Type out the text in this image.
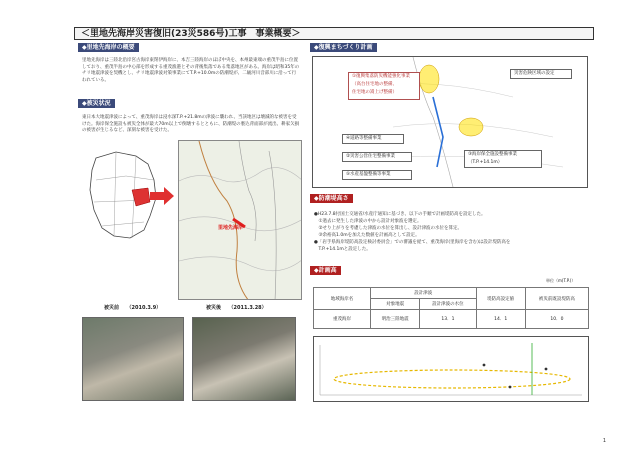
＜里地先海岸災害復旧(23災586号)工事　事業概要＞
◆里地先海岸の概要
里地先海岸は三陸北沿岸宮古海岸東閉伊海岸に、本吉三陸海岸のほぼ中央を、本州最東端の重茂半島に位置しており、重茂半島の中心部を形成する重茂漁港とその背後集落である集落地区がある。海岸は昭和35年のチリ地震津波を契機とし、チリ地震津波対策事業にてT.P.+10.0mの防潮堤が、二級河川音部川に沿って行われている。
◆被災状況
東日本大地震津波によって、重茂海岸は浸水深T.P.+21.8mの津波に襲われ、当該地区は壊滅的な被害を受けた。海岸保全施設も被災全体が最大70m以上で倒壊するとともに、防潮堤の裏込背面部が流出、耕家欠損の被害が生じるなど、深刻な被害を受けた。
里地先海岸
被災前　　（2010.3.9）	被災後　　（2011.3.28）
◆復興まちづくり計画
①復興集落防災機能強化事業
（高台住宅地の整備、
住宅地の嵩上げ整備）
災害危険区域の設定
④道路等整備事業
②災害公営住宅整備事業
⑤水産基盤整備等事業
③海岸保全施設整備事業
（T.P.+14.1m）
◆防潮堤高さ
●H23.7.8付国土交通省/水産庁通知に基づき、以下の手順で計画堤防高を設定した。
　①過去に発生した津波の中から設計対象波を選定。
　②せり上がりを考慮した津波の水位を算出し、設計津波の水位を算定。
　③余裕高1.0mを加えた数値を計画高として設定。
●「岩手県海岸堤防高設定検討委員会」での審議を経て、重茂海岸(里海岸を含む)は設計堤防高を
　T.P.+14.1mと設定した。
◆計画高
単位（m(T.P.)）
地域海岸名	設計津波		堤防高設定値	被災前既設堤防高
	対象地震	設計津波の水位		
重茂海岸	明治三陸地震	13．1	14．1	10．0
1
